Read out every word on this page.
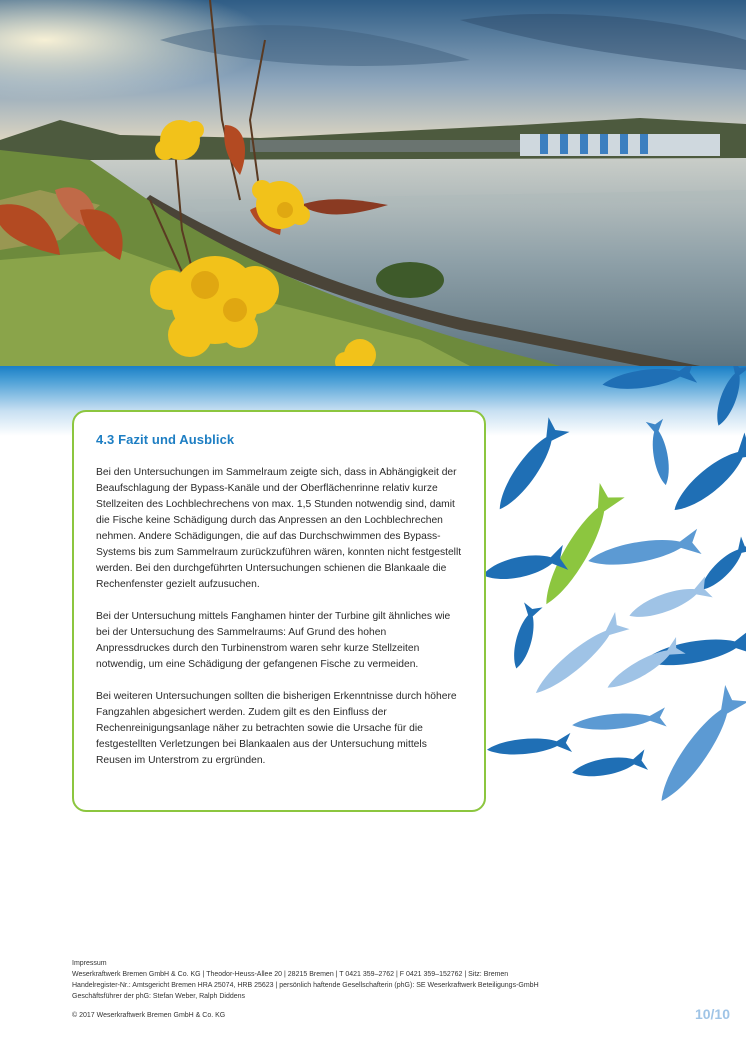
4.3 Fazit und Ausblick

Bei den Untersuchungen im Sammelraum zeigte sich, dass in Abhängigkeit der Beaufschlagung der Bypass-Kanäle und der Oberflächenrinne relativ kurze Stellzeiten des Lochblechrechens von max. 1,5 Stunden notwendig sind, damit die Fische keine Schädigung durch das Anpressen an den Lochblechrechen nehmen. Andere Schädigungen, die auf das Durchschwimmen des Bypass-Systems bis zum Sammelraum zurückzuführen wären, konnten nicht festgestellt werden. Bei den durchgeführten Untersuchungen schienen die Blankaale die Rechenfenster gezielt aufzusuchen.

Bei der Untersuchung mittels Fanghamen hinter der Turbine gilt ähnliches wie bei der Untersuchung des Sammelraums: Auf Grund des hohen Anpressdruckes durch den Turbinenstrom waren sehr kurze Stellzeiten notwendig, um eine Schädigung der gefangenen Fische zu vermeiden.

Bei weiteren Untersuchungen sollten die bisherigen Erkenntnisse durch höhere Fangzahlen abgesichert werden. Zudem gilt es den Einfluss der Rechenreinigungsanlage näher zu betrachten sowie die Ursache für die festgestellten Verletzungen bei Blankaalen aus der Untersuchung mittels Reusen im Unterstrom zu ergründen.

Impressum
Weserkraftwerk Bremen GmbH & Co. KG | Theodor-Heuss-Allee 20 | 28215 Bremen | T 0421 359–2762 | F 0421 359–152762 | Sitz: Bremen
Handelregister-Nr.: Amtsgericht Bremen HRA 25074, HRB 25623 | persönlich haftende Gesellschafterin (phG): SE Weserkraftwerk Beteiligungs-GmbH
Geschäftsführer der phG: Stefan Weber, Ralph Diddens
© 2017 Weserkraftwerk Bremen GmbH & Co. KG	10/10
